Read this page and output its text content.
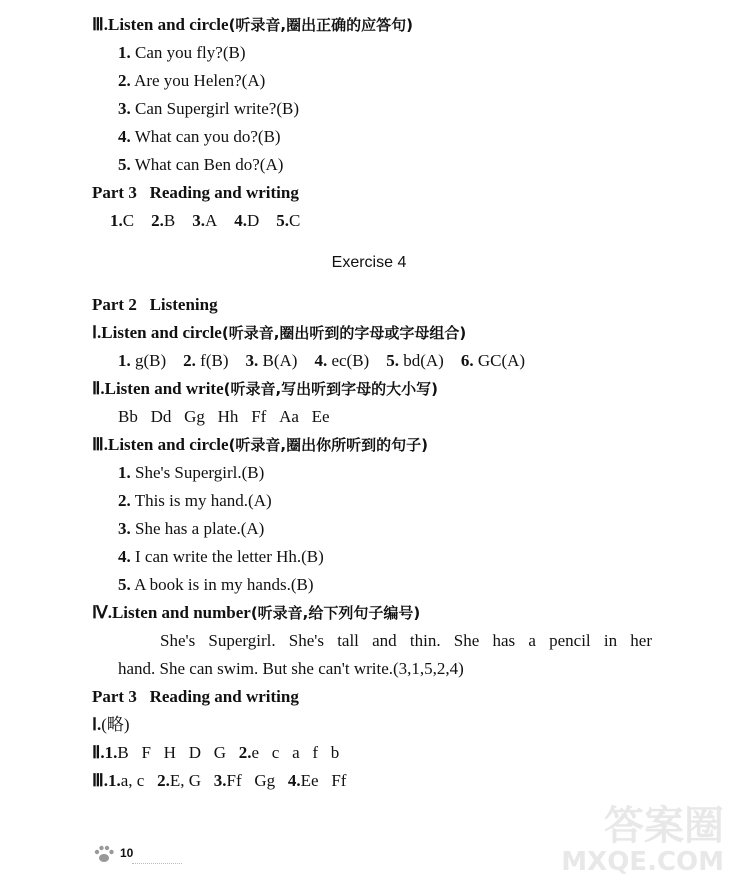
Ⅲ.Listen and circle(听录音,圈出正确的应答句)
1. Can you fly?(B)
2. Are you Helen?(A)
3. Can Supergirl write?(B)
4. What can you do?(B)
5. What can Ben do?(A)
Part 3   Reading and writing
1.C 2.B 3.A 4.D 5.C
Exercise 4
Part 2   Listening
Ⅰ.Listen and circle(听录音,圈出听到的字母或字母组合)
1. g(B) 2. f(B) 3. B(A) 4. ec(B) 5. bd(A) 6. GC(A)
Ⅱ.Listen and write(听录音,写出听到字母的大小写)
Bb Dd Gg Hh Ff Aa Ee
Ⅲ.Listen and circle(听录音,圈出你所听到的句子)
1. She's Supergirl.(B)
2. This is my hand.(A)
3. She has a plate.(A)
4. I can write the letter Hh.(B)
5. A book is in my hands.(B)
Ⅳ.Listen and number(听录音,给下列句子编号)
She's Supergirl. She's tall and thin. She has a pencil in her
hand. She can swim. But she can't write.(3,1,5,2,4)
Part 3   Reading and writing
Ⅰ.(略)
Ⅱ.1.B   F   H   D   G 2.e   c   a   f   b
Ⅲ.1.a, c 2.E, G 3.Ff   Gg 4.Ee   Ff
10
答案圈
MXQE.COM
